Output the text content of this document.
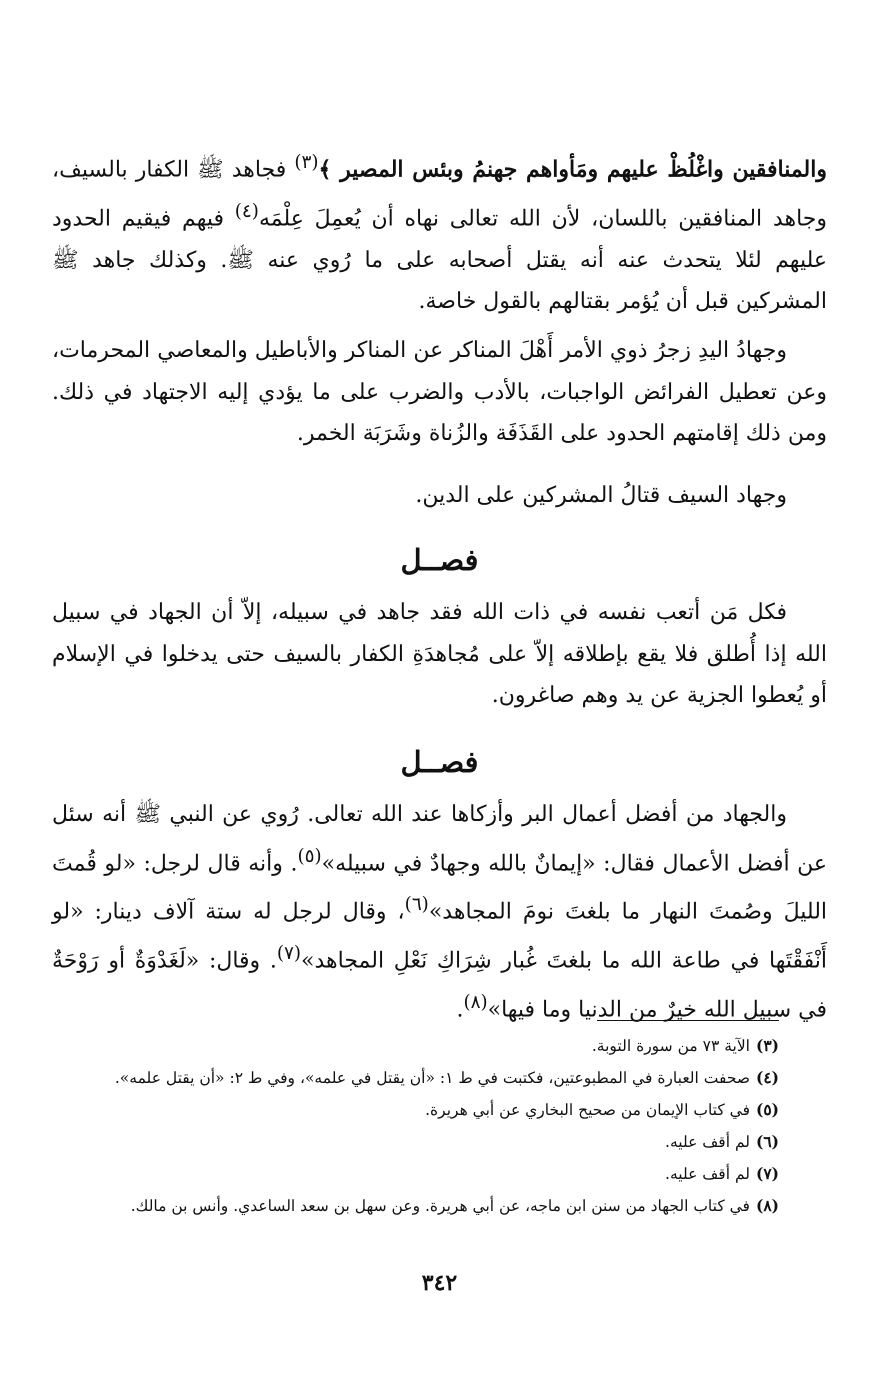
والمنافقين واغْلُظْ عليهم ومَأواهم جهنمُ وبئس المصير ﴾$^{(٣)}$ فجاهد ﷺ الكفار بالسيف، وجاهد المنافقين باللسان، لأن الله تعالى نهاه أن يُعمِلَ عِلْمَه$^{(٤)}$ فيهم فيقيم الحدود عليهم لئلا يتحدث عنه أنه يقتل أصحابه على ما رُوي عنه ﷺ. وكذلك جاهد ﷺ المشركين قبل أن يُؤمر بقتالهم بالقول خاصة.

وجهادُ اليدِ زجرُ ذوي الأمر أَهْلَ المناكر عن المناكر والأباطيل والمعاصي المحرمات، وعن تعطيل الفرائض الواجبات، بالأدب والضرب على ما يؤدي إليه الاجتهاد في ذلك. ومن ذلك إقامتهم الحدود على القَذَفَة والزُناة وشَرَبَة الخمر.

وجهاد السيف قتالُ المشركين على الدين.

فصــل

فكل مَن أتعب نفسه في ذات الله فقد جاهد في سبيله، إلاّ أن الجهاد في سبيل الله إذا أُطلق فلا يقع بإطلاقه إلاّ على مُجاهدَةِ الكفار بالسيف حتى يدخلوا في الإسلام أو يُعطوا الجزية عن يد وهم صاغرون.

فصــل

والجهاد من أفضل أعمال البر وأزكاها عند الله تعالى. رُوي عن النبي ﷺ أنه سئل عن أفضل الأعمال فقال: «إيمانٌ بالله وجهادٌ في سبيله»$^{(٥)}$. وأنه قال لرجل: «لو قُمتَ الليلَ وصُمتَ النهار ما بلغتَ نومَ المجاهد»$^{(٦)}$، وقال لرجل له ستة آلاف دينار: «لو أَنْفَقْتَها في طاعة الله ما بلغتَ غُبار شِرَاكِ نَعْلِ المجاهد»$^{(٧)}$. وقال: «لَغَدْوَةٌ أو رَوْحَةٌ في سبيل الله خيرٌ من الدنيا وما فيها»$^{(٨)}$.

(٣)الآية ٧٣ من سورة التوبة.
(٤)صحفت العبارة في المطبوعتين، فكتبت في ط ١: «أن يقتل في علمه»، وفي ط ٢: «أن يقتل علمه».
(٥)في كتاب الإيمان من صحيح البخاري عن أبي هريرة.
(٦)لم أقف عليه.
(٧)لم أقف عليه.
(٨)في كتاب الجهاد من سنن ابن ماجه، عن أبي هريرة. وعن سهل بن سعد الساعدي. وأنس بن مالك.
٣٤٢
